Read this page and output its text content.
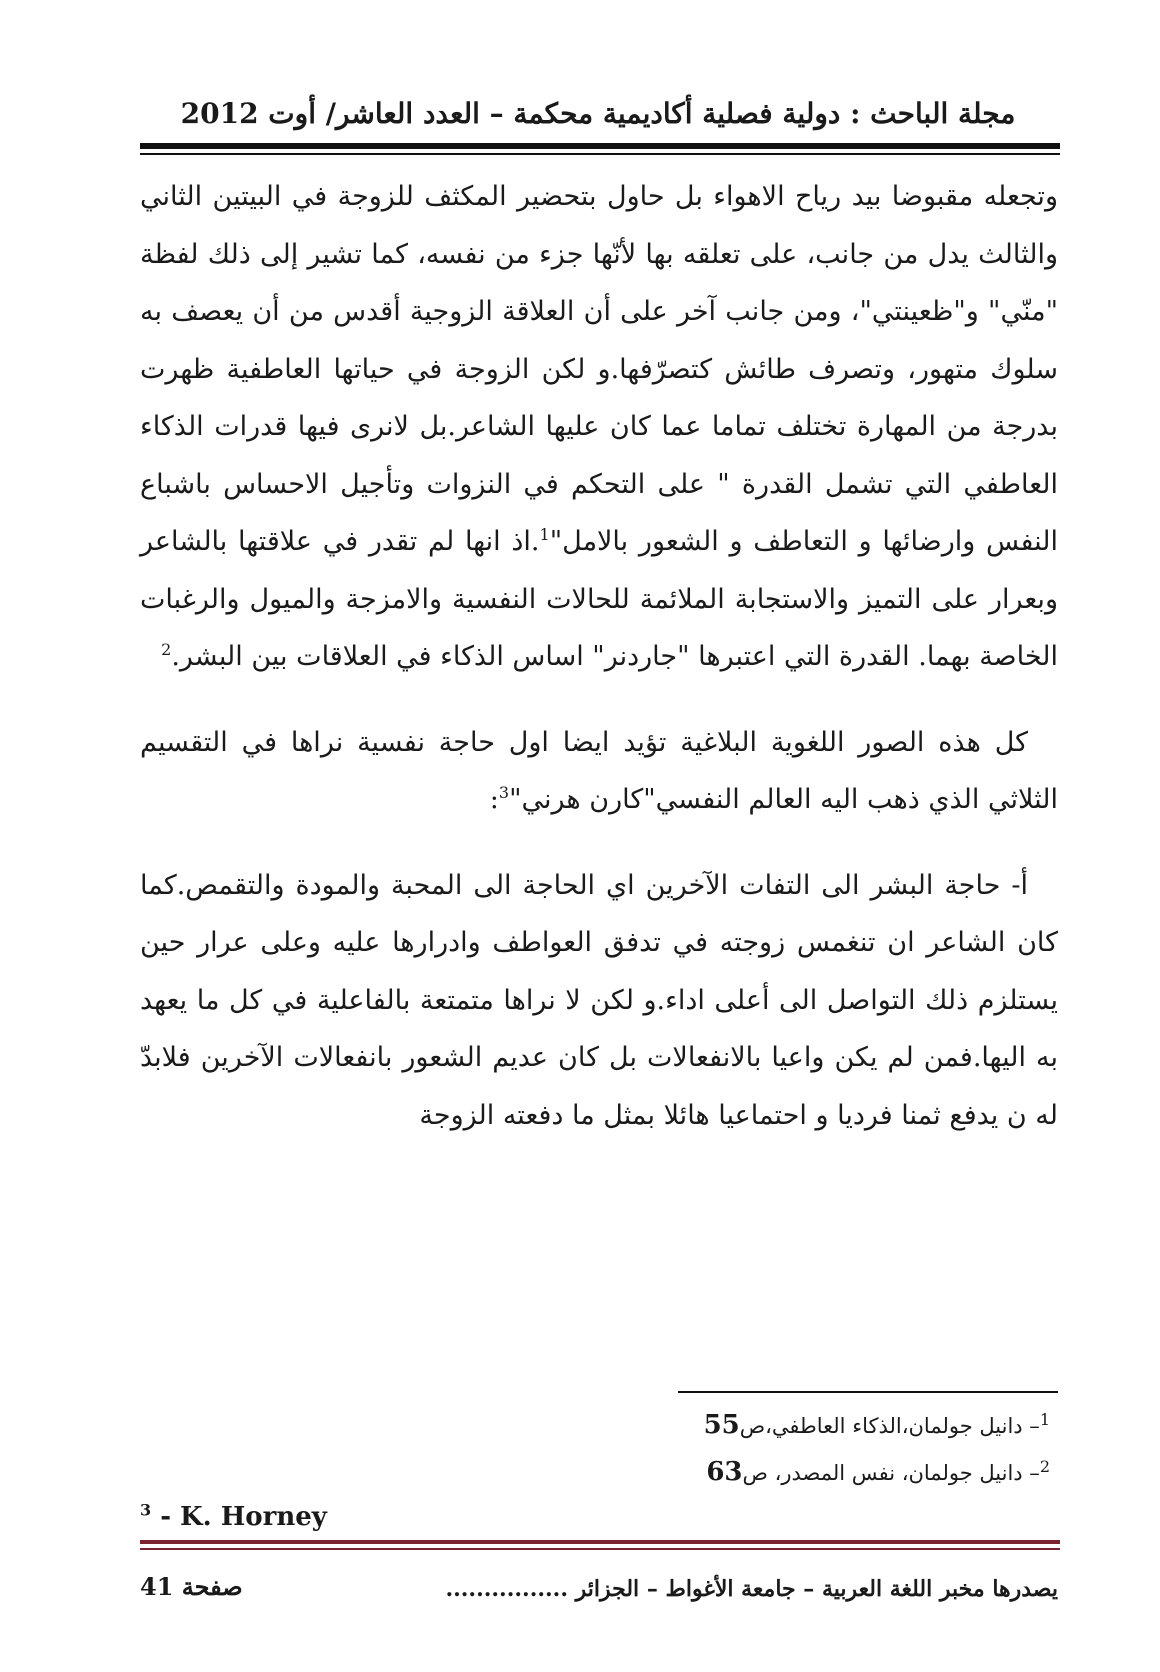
مجلة الباحث : دولية فصلية أكاديمية محكمة – العدد العاشر/ أوت 2012

وتجعله مقبوضا بيد رياح الاهواء بل حاول بتحضير المكثف للزوجة في البيتين الثاني والثالث يدل من جانب، على تعلقه بها لأنّها جزء من نفسه، كما تشير إلى ذلك لفظة "منّي" و"ظعينتي"، ومن جانب آخر على أن العلاقة الزوجية أقدس من أن يعصف به سلوك متهور، وتصرف طائش كتصرّفها.و لكن الزوجة في حياتها العاطفية ظهرت بدرجة من المهارة تختلف تماما عما كان عليها الشاعر.بل لانرى فيها قدرات الذكاء العاطفي التي تشمل القدرة " على التحكم في النزوات وتأجيل الاحساس باشباع النفس وارضائها و التعاطف و الشعور بالامل"$^1$.اذ انها لم تقدر في علاقتها بالشاعر وبعرار على التميز والاستجابة الملائمة للحالات النفسية والامزجة والميول والرغبات الخاصة بهما. القدرة التي اعتبرها "جاردنر" اساس الذكاء في العلاقات بين البشر.$^2$

كل هذه الصور اللغوية البلاغية تؤيد ايضا اول حاجة نفسية نراها في التقسيم الثلاثي الذي ذهب اليه العالم النفسي"كارن هرني"$^3$:

أ- حاجة البشر الى التفات الآخرين اي الحاجة الى المحبة والمودة والتقمص.كما كان الشاعر ان تنغمس زوجته في تدفق العواطف وادرارها عليه وعلى عرار حين يستلزم ذلك التواصل الى أعلى اداء.و لكن لا نراها متمتعة بالفاعلية في كل ما يعهد به اليها.فمن لم يكن واعيا بالانفعالات بل كان عديم الشعور بانفعالات الآخرين فلابدّ له ن يدفع ثمنا فرديا و احتماعيا هائلا بمثل ما دفعته الزوجة

$^1$– دانيل جولمان،الذكاء العاطفي،ص55

$^2$– دانيل جولمان، نفس المصدر، ص63

$^3$ - K. Horney
يصدرها مخبر اللغة العربية – جامعة الأغواط – الجزائر ................
صفحة 41
